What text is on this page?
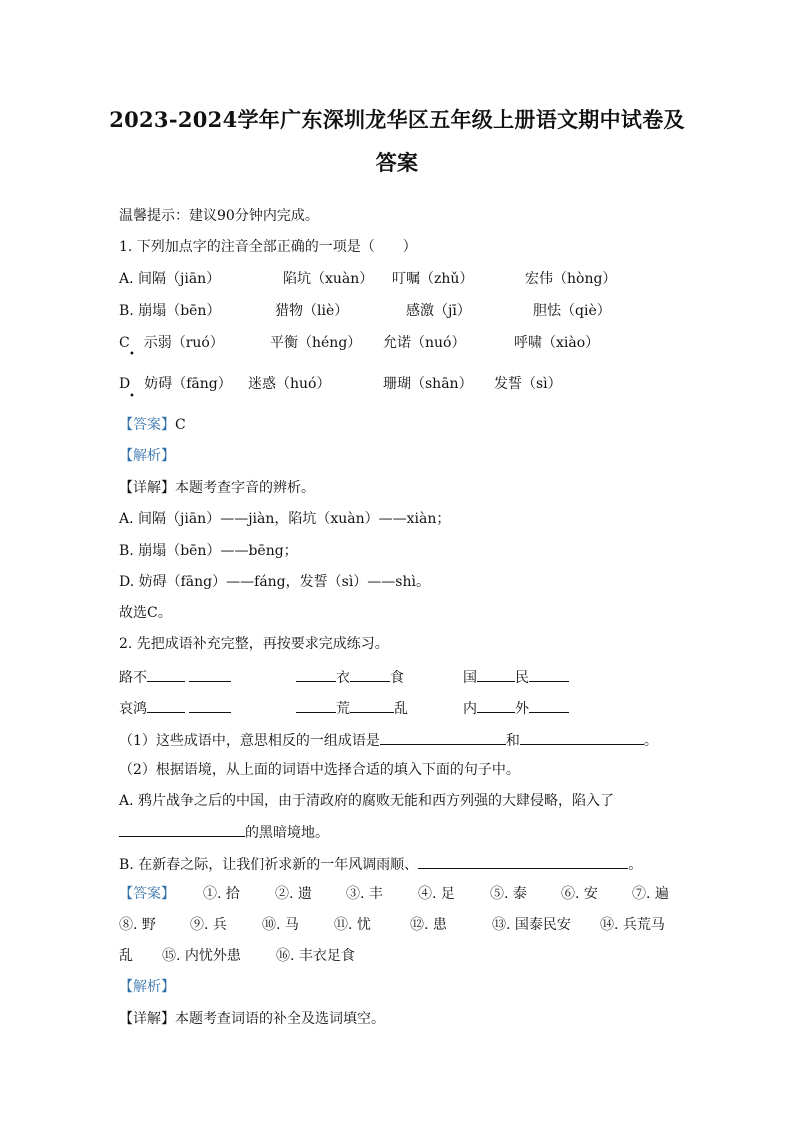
2023-2024学年广东深圳龙华区五年级上册语文期中试卷及
答案
温馨提示：建议90分钟内完成。
1. 下列加点字的注音全部正确的一项是（　　）
A. 间隔（jiān）	陷坑（xuàn） 叮嘱（zhǔ）	宏伟（hòng）
B. 崩塌（bēn）	猎物（liè）	感激（jī）	胆怯（qiè）
C　示弱（ruó）	平衡（héng） 允诺（nuó）	呼啸（xiào）
•
D　妨碍（fāng） 迷惑（huó）	珊瑚（shān） 发誓（sì）
•
【答案】C
【解析】
【详解】本题考查字音的辨析。
A. 间隔（jiān）——jiàn，陷坑（xuàn）——xiàn；
B. 崩塌（bēn）——bēng；
D. 妨碍（fāng）——fáng，发誓（sì）——shì。
故选C。
2. 先把成语补充完整，再按要求完成练习。
路不	衣	食	国	民
哀鸿	荒	乱	内	外
（1）这些成语中，意思相反的一组成语是	和	。
（2）根据语境，从上面的词语中选择合适的填入下面的句子中。
A. 鸦片战争之后的中国，由于清政府的腐败无能和西方列强的大肆侵略，陷入了
的黑暗境地。
B. 在新春之际，让我们祈求新的一年风调雨顺、	。
【答案】 ①. 拾	②. 遗 ③. 丰	④. 足	⑤. 泰 ⑥. 安 ⑦. 遍
⑧. 野 ⑨. 兵	⑩. 马	⑪. 忧	⑫. 患	⑬. 国泰民安 ⑭. 兵荒马
乱 ⑮. 内忧外患	⑯. 丰衣足食
【解析】
【详解】本题考查词语的补全及选词填空。
